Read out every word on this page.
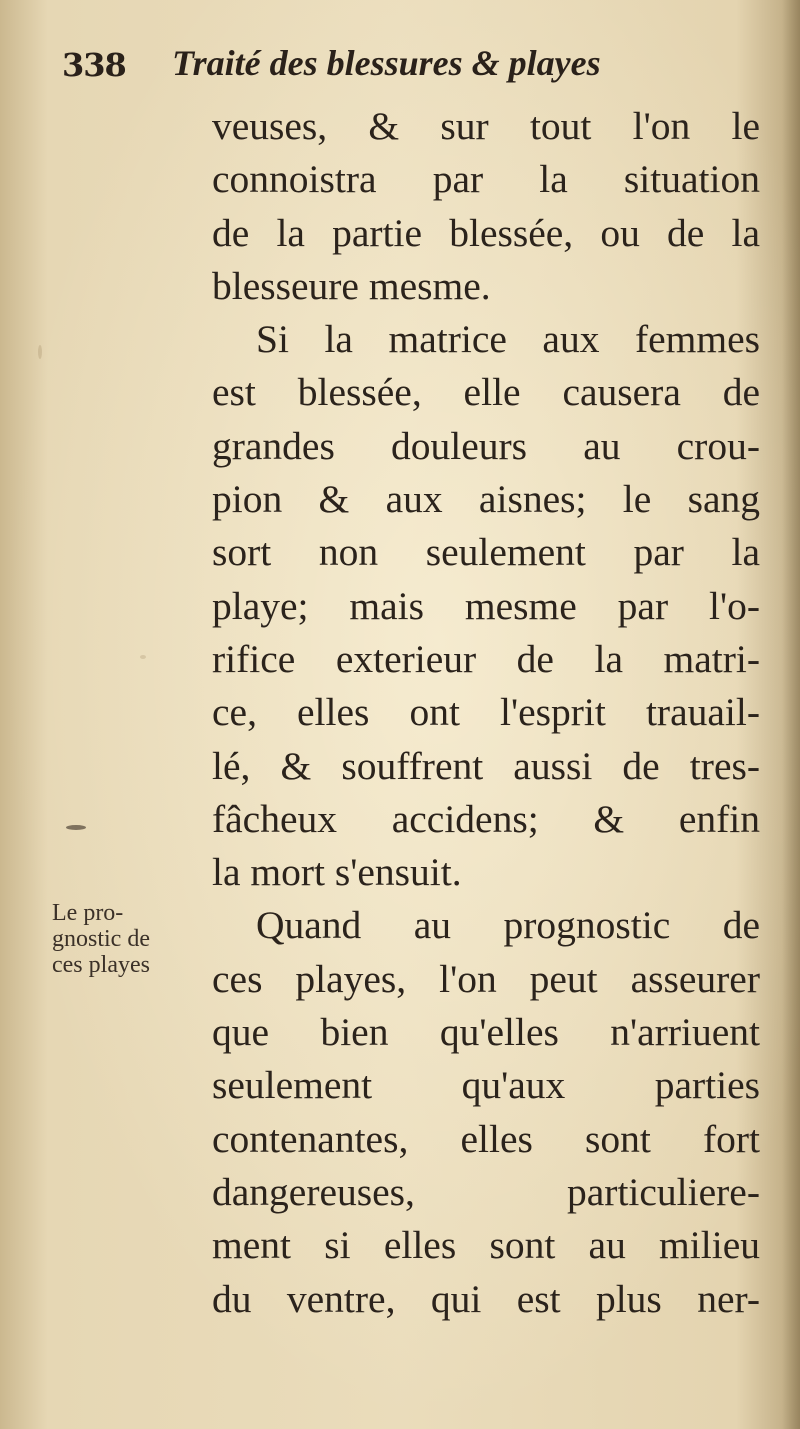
338 Traité des blessures & playes
veuses, & sur tout l'on le
connoistra par la situation
de la partie blessée, ou de la
blesseure mesme.
Si la matrice aux femmes
est blessée, elle causera de
grandes douleurs au crou-
pion & aux aisnes; le sang
sort non seulement par la
playe; mais mesme par l'o-
rifice exterieur de la matri-
ce, elles ont l'esprit trauail-
lé, & souffrent aussi de tres-
fâcheux accidens; & enfin
la mort s'ensuit.
Quand au prognostic de
ces playes, l'on peut asseurer
que bien qu'elles n'arriuent
seulement qu'aux parties
contenantes, elles sont fort
dangereuses, particuliere-
ment si elles sont au milieu
du ventre, qui est plus ner-
Le pro-
gnostic de
ces playes
